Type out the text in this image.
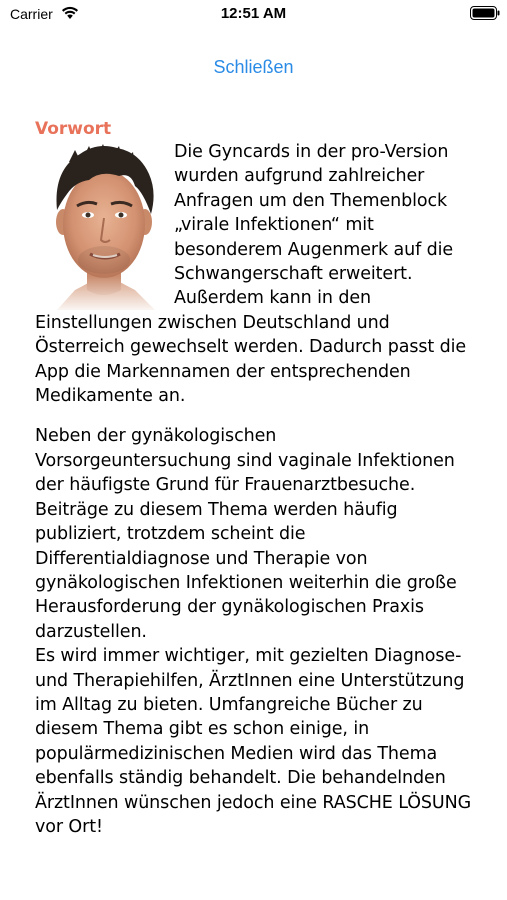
Carrier	12:51 AM
Schließen
Vorwort

Die Gyncards in der pro-Version wurden aufgrund zahlreicher Anfragen um den Themenblock „virale Infektionen“ mit besonderem Augenmerk auf die Schwangerschaft erweitert. Außerdem kann in den Einstellungen zwischen Deutschland und Österreich gewechselt werden. Dadurch passt die App die Markennamen der entsprechenden Medikamente an.

Neben der gynäkologischen Vorsorgeuntersuchung sind vaginale Infektionen der häufigste Grund für Frauenarztbesuche. Beiträge zu diesem Thema werden häufig publiziert, trotzdem scheint die Differentialdiagnose und Therapie von gynäkologischen Infektionen weiterhin die große Herausforderung der gynäkologischen Praxis darzustellen.

Es wird immer wichtiger, mit gezielten Diagnose- und Therapiehilfen, ÄrztInnen eine Unterstützung im Alltag zu bieten. Umfangreiche Bücher zu diesem Thema gibt es schon einige, in populärmedizinischen Medien wird das Thema ebenfalls ständig behandelt. Die behandelnden ÄrztInnen wünschen jedoch eine RASCHE LÖSUNG vor Ort!
